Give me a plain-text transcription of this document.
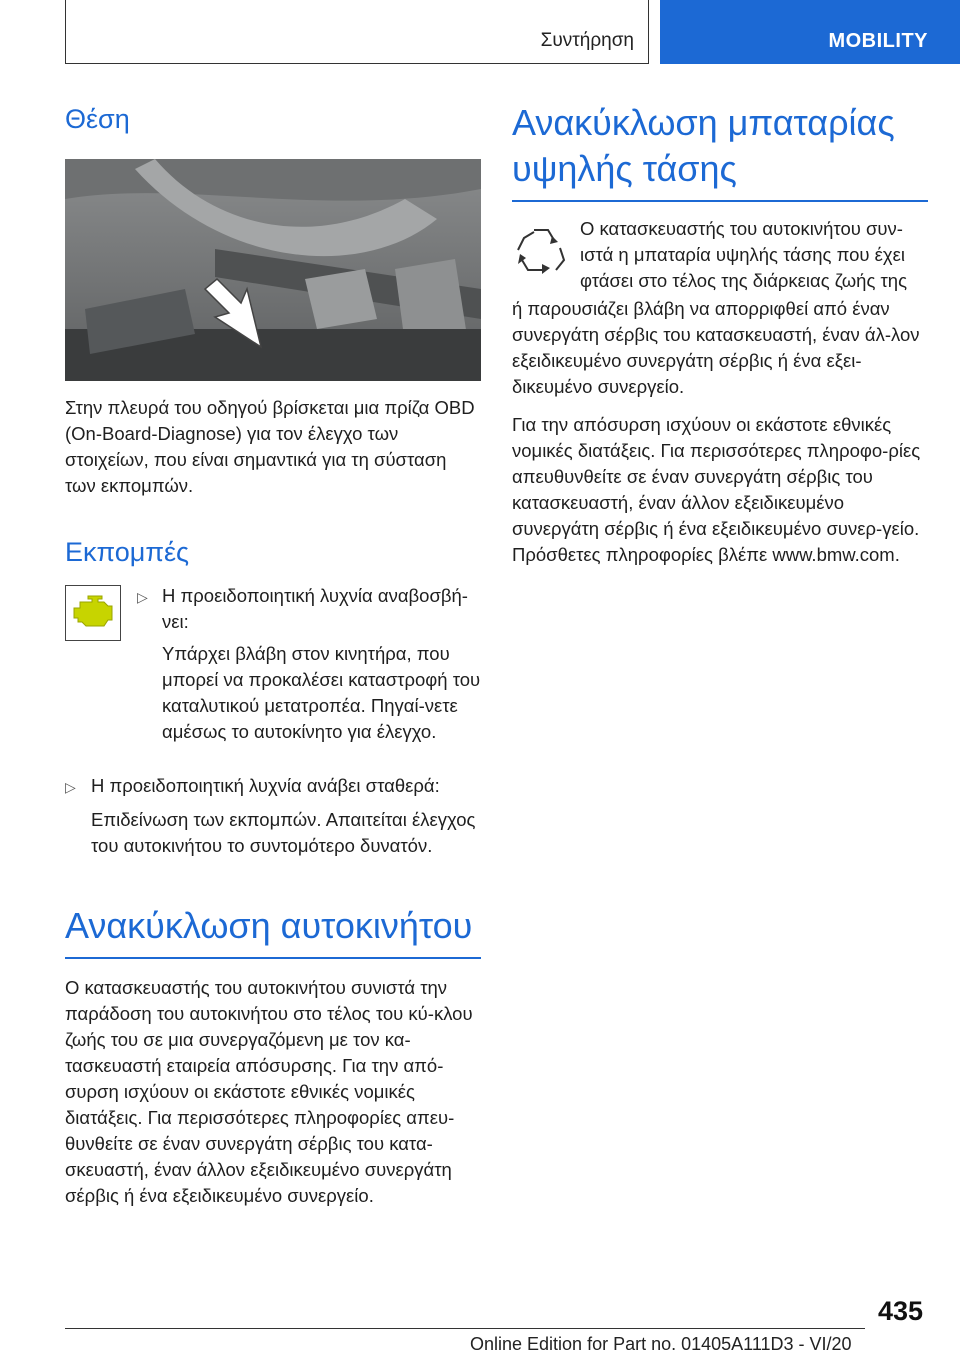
Συντήρηση	MOBILITY
Θέση

Στην πλευρά του οδηγού βρίσκεται μια πρίζα OBD (On-Board-Diagnose) για τον έλεγχο των στοιχείων, που είναι σημαντικά για τη σύσταση των εκπομπών.

Εκπομπές
▷ Η προειδοποιητική λυχνία αναβοσβή-νει:
Υπάρχει βλάβη στον κινητήρα, που μπορεί να προκαλέσει καταστροφή του καταλυτικού μετατροπέα. Πηγαί-νετε αμέσως το αυτοκίνητο για έλεγχο.
▷ Η προειδοποιητική λυχνία ανάβει σταθερά:
Επιδείνωση των εκπομπών. Απαιτείται έλεγχος του αυτοκινήτου το συντομότερο δυνατόν.
Ανακύκλωση αυτοκινήτου

Ο κατασκευαστής του αυτοκινήτου συνιστά την παράδοση του αυτοκινήτου στο τέλος του κύ-κλου ζωής του σε μια συνεργαζόμενη με τον κα-τασκευαστή εταιρεία απόσυρσης. Για την από-συρση ισχύουν οι εκάστοτε εθνικές νομικές διατάξεις. Για περισσότερες πληροφορίες απευ-θυνθείτε σε έναν συνεργάτη σέρβις του κατα-σκευαστή, έναν άλλον εξειδικευμένο συνεργάτη σέρβις ή ένα εξειδικευμένο συνεργείο.

Ανακύκλωση μπαταρίας
υψηλής τάσης

Ο κατασκευαστής του αυτοκινήτου συν-

ιστά η μπαταρία υψηλής τάσης που έχει

φτάσει στο τέλος της διάρκειας ζωής της

ή παρουσιάζει βλάβη να απορριφθεί από έναν συνεργάτη σέρβις του κατασκευαστή, έναν άλ-λον εξειδικευμένο συνεργάτη σέρβις ή ένα εξει-δικευμένο συνεργείο.

Για την απόσυρση ισχύουν οι εκάστοτε εθνικές νομικές διατάξεις. Για περισσότερες πληροφο-ρίες απευθυνθείτε σε έναν συνεργάτη σέρβις του κατασκευαστή, έναν άλλον εξειδικευμένο συνεργάτη σέρβις ή ένα εξειδικευμένο συνερ-γείο. Πρόσθετες πληροφορίες βλέπε www.bmw.com.

435
Online Edition for Part no. 01405A111D3 - VI/20
